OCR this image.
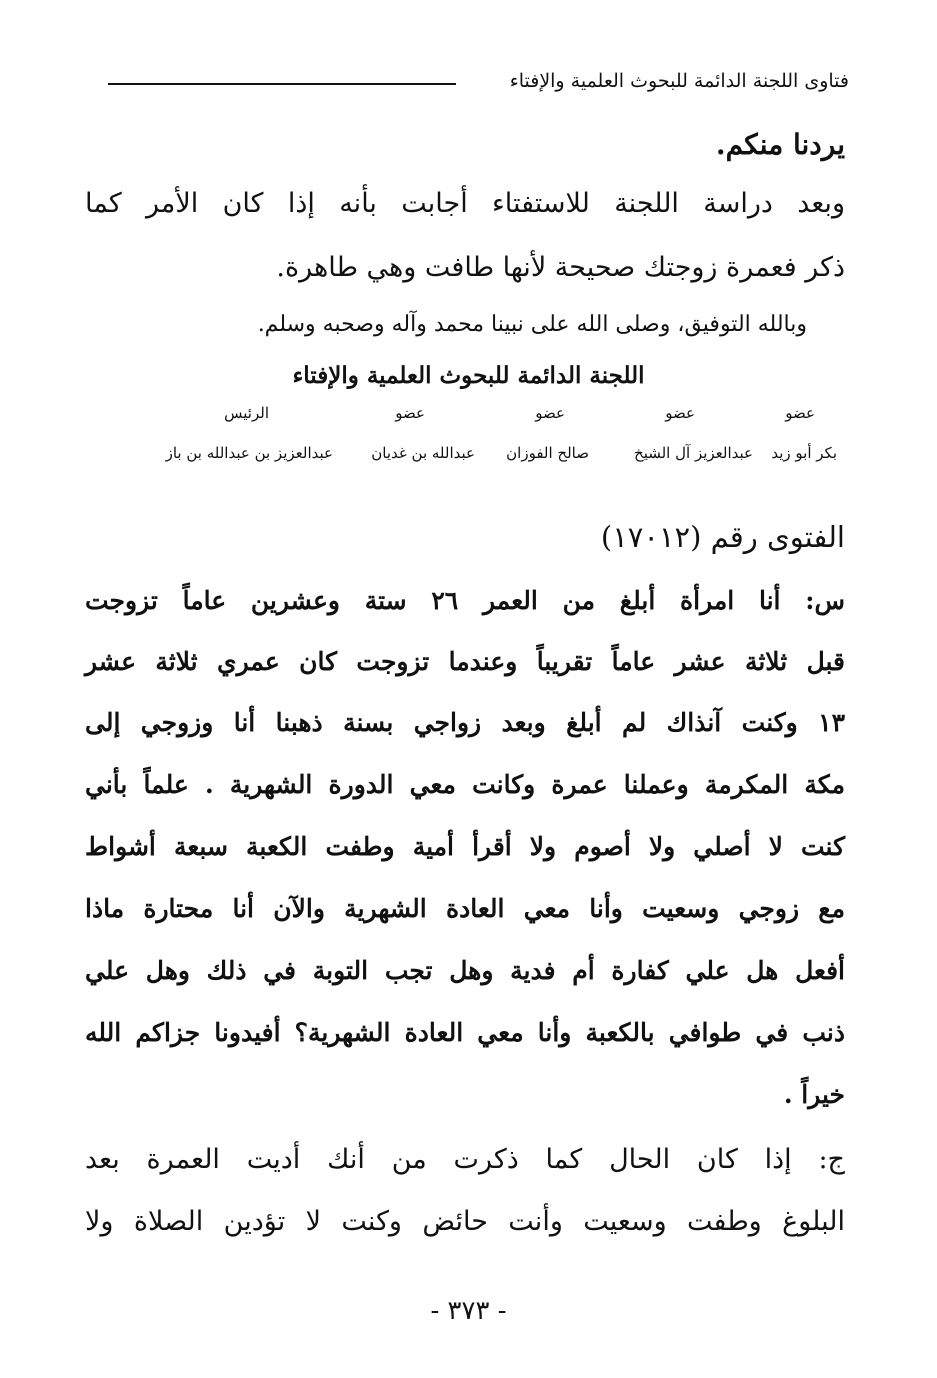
فتاوى اللجنة الدائمة للبحوث العلمية والإفتاء
يردنا منكم.
وبعد دراسة اللجنة للاستفتاء أجابت بأنه إذا كان الأمر كما
ذكر فعمرة زوجتك صحيحة لأنها طافت وهي طاهرة.
وبالله التوفيق، وصلى الله على نبينا محمد وآله وصحبه وسلم.
اللجنة الدائمة للبحوث العلمية والإفتاء
عضو
عضو
عضو
عضو
الرئيس
بكر أبو زيد
عبدالعزيز آل الشيخ
صالح الفوزان
عبدالله بن غديان
عبدالعزيز بن عبدالله بن باز
الفتوى رقم (١٧٠١٢)
س: أنا امرأة أبلغ من العمر ٢٦ ستة وعشرين عاماً تزوجت
قبل ثلاثة عشر عاماً تقريباً وعندما تزوجت كان عمري ثلاثة عشر
١٣ وكنت آنذاك لم أبلغ وبعد زواجي بسنة ذهبنا أنا وزوجي إلى
مكة المكرمة وعملنا عمرة وكانت معي الدورة الشهرية . علماً بأني
كنت لا أصلي ولا أصوم ولا أقرأ أمية وطفت الكعبة سبعة أشواط
مع زوجي وسعيت وأنا معي العادة الشهرية والآن أنا محتارة ماذا
أفعل هل علي كفارة أم فدية وهل تجب التوبة في ذلك وهل علي
ذنب في طوافي بالكعبة وأنا معي العادة الشهرية؟ أفيدونا جزاكم الله
خيراً .
ج: إذا كان الحال كما ذكرت من أنك أديت العمرة بعد
البلوغ وطفت وسعيت وأنت حائض وكنت لا تؤدين الصلاة ولا
- ٣٧٣ -
